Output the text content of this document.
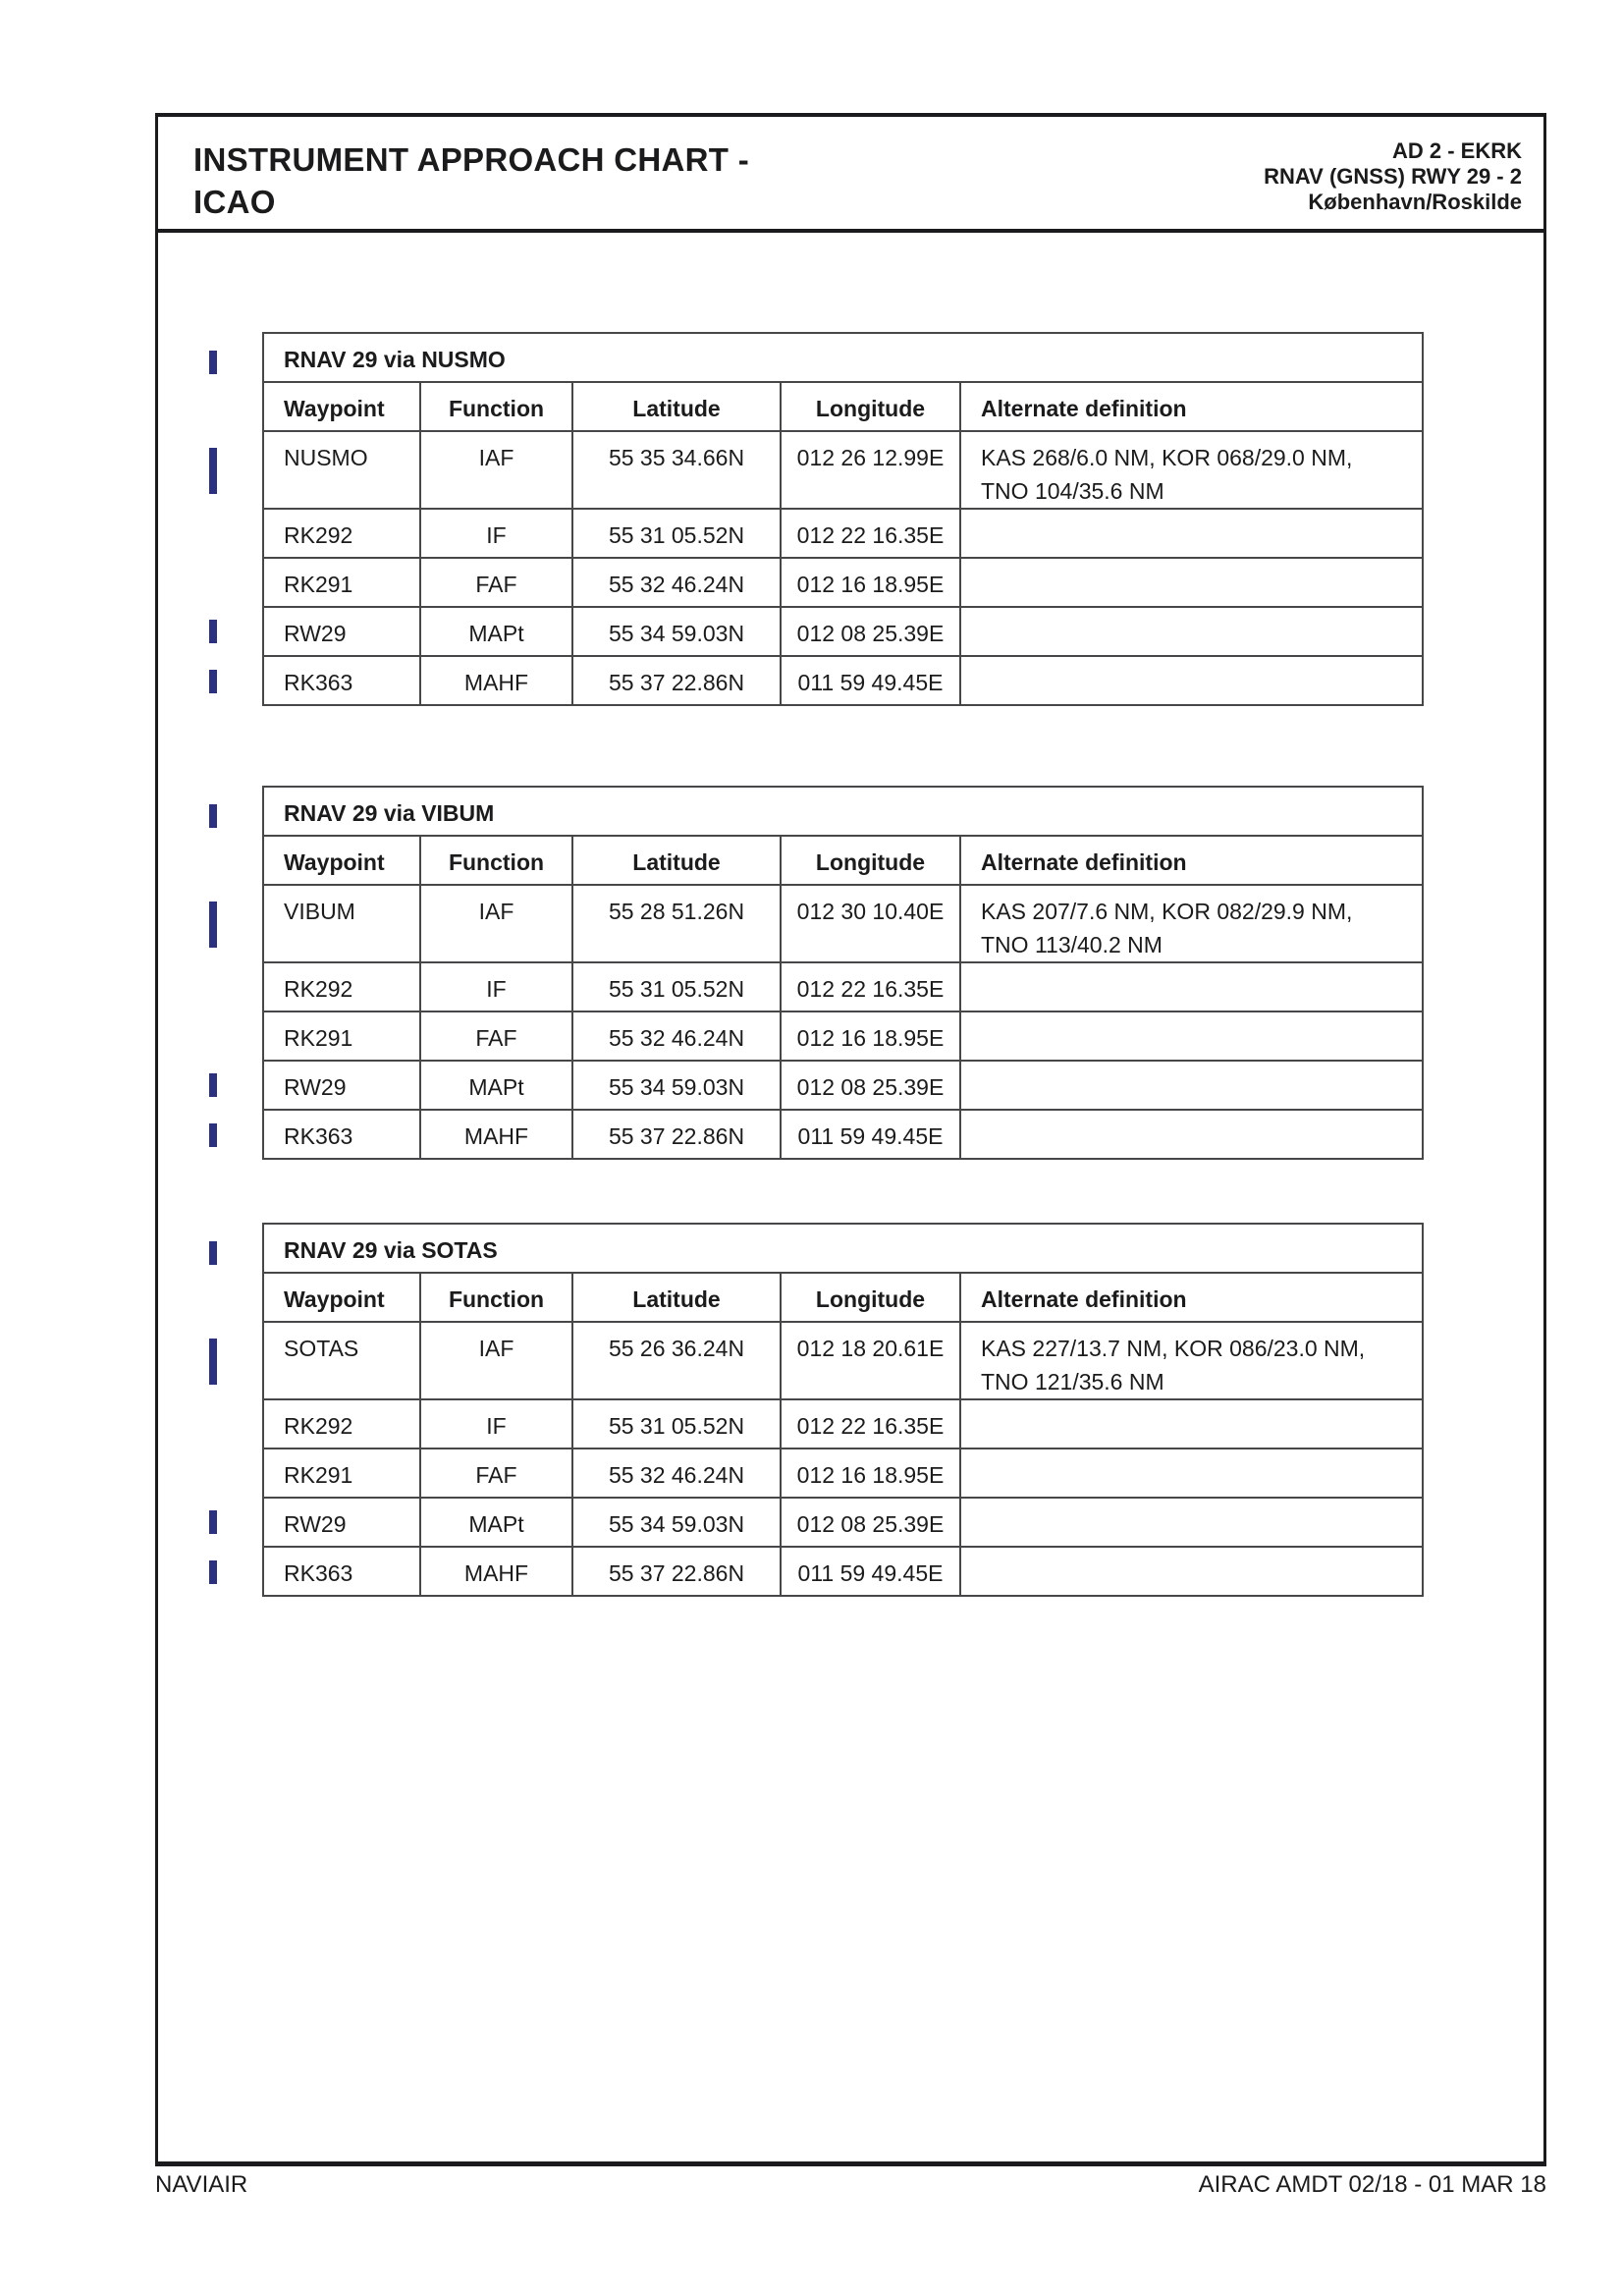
INSTRUMENT APPROACH CHART -
ICAO
AD 2 - EKRK
RNAV (GNSS) RWY 29 - 2
København/Roskilde
RNAV 29 via NUSMO				
Waypoint	Function	Latitude	Longitude	Alternate definition
NUSMO	IAF	55 35 34.66N	012 26 12.99E	KAS 268/6.0 NM, KOR 068/29.0 NM,
TNO 104/35.6 NM

RK292	IF	55 31 05.52N	012 22 16.35E	
RK291	FAF	55 32 46.24N	012 16 18.95E	
RW29	MAPt	55 34 59.03N	012 08 25.39E	
RK363	MAHF	55 37 22.86N	011 59 49.45E	
RNAV 29 via VIBUM				
Waypoint	Function	Latitude	Longitude	Alternate definition
VIBUM	IAF	55 28 51.26N	012 30 10.40E	KAS 207/7.6 NM, KOR 082/29.9 NM,
TNO 113/40.2 NM

RK292	IF	55 31 05.52N	012 22 16.35E	
RK291	FAF	55 32 46.24N	012 16 18.95E	
RW29	MAPt	55 34 59.03N	012 08 25.39E	
RK363	MAHF	55 37 22.86N	011 59 49.45E	
RNAV 29 via SOTAS				
Waypoint	Function	Latitude	Longitude	Alternate definition
SOTAS	IAF	55 26 36.24N	012 18 20.61E	KAS 227/13.7 NM, KOR 086/23.0 NM,
TNO 121/35.6 NM

RK292	IF	55 31 05.52N	012 22 16.35E	
RK291	FAF	55 32 46.24N	012 16 18.95E	
RW29	MAPt	55 34 59.03N	012 08 25.39E	
RK363	MAHF	55 37 22.86N	011 59 49.45E	
NAVIAIR	AIRAC AMDT 02/18 - 01 MAR 18
